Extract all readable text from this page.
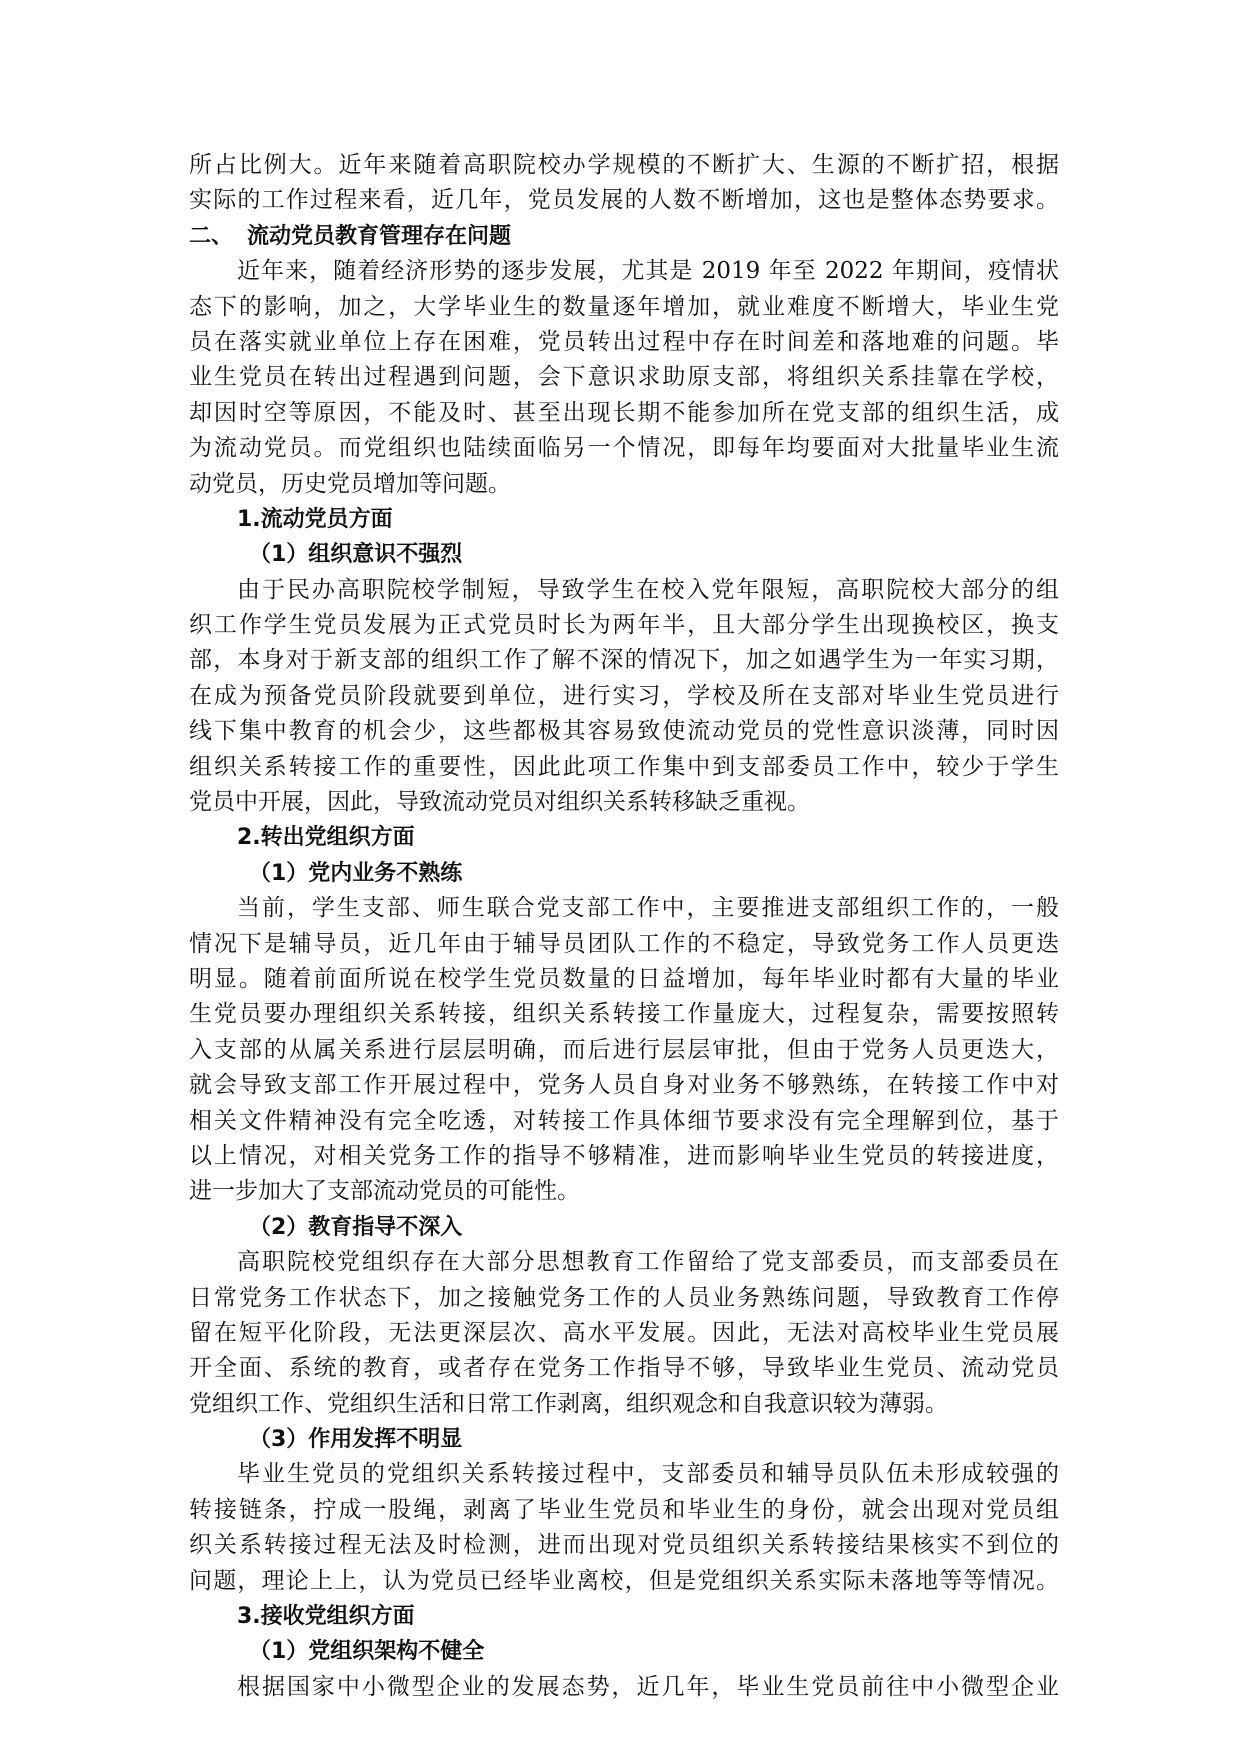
所占比例大。近年来随着高职院校办学规模的不断扩大、生源的不断扩招，根据
实际的工作过程来看，近几年，党员发展的人数不断增加，这也是整体态势要求。
二、 流动党员教育管理存在问题
近年来，随着经济形势的逐步发展，尤其是 2019 年至 2022 年期间，疫情状
态下的影响，加之，大学毕业生的数量逐年增加，就业难度不断增大，毕业生党
员在落实就业单位上存在困难，党员转出过程中存在时间差和落地难的问题。毕
业生党员在转出过程遇到问题，会下意识求助原支部，将组织关系挂靠在学校，
却因时空等原因，不能及时、甚至出现长期不能参加所在党支部的组织生活，成
为流动党员。而党组织也陆续面临另一个情况，即每年均要面对大批量毕业生流
动党员，历史党员增加等问题。
1.流动党员方面
（1）组织意识不强烈
由于民办高职院校学制短，导致学生在校入党年限短，高职院校大部分的组
织工作学生党员发展为正式党员时长为两年半，且大部分学生出现换校区，换支
部，本身对于新支部的组织工作了解不深的情况下，加之如遇学生为一年实习期，
在成为预备党员阶段就要到单位，进行实习，学校及所在支部对毕业生党员进行
线下集中教育的机会少，这些都极其容易致使流动党员的党性意识淡薄，同时因
组织关系转接工作的重要性，因此此项工作集中到支部委员工作中，较少于学生
党员中开展，因此，导致流动党员对组织关系转移缺乏重视。
2.转出党组织方面
（1）党内业务不熟练
当前，学生支部、师生联合党支部工作中，主要推进支部组织工作的，一般
情况下是辅导员，近几年由于辅导员团队工作的不稳定，导致党务工作人员更迭
明显。随着前面所说在校学生党员数量的日益增加，每年毕业时都有大量的毕业
生党员要办理组织关系转接，组织关系转接工作量庞大，过程复杂，需要按照转
入支部的从属关系进行层层明确，而后进行层层审批，但由于党务人员更迭大，
就会导致支部工作开展过程中，党务人员自身对业务不够熟练，在转接工作中对
相关文件精神没有完全吃透，对转接工作具体细节要求没有完全理解到位，基于
以上情况，对相关党务工作的指导不够精准，进而影响毕业生党员的转接进度，
进一步加大了支部流动党员的可能性。
（2）教育指导不深入
高职院校党组织存在大部分思想教育工作留给了党支部委员，而支部委员在
日常党务工作状态下，加之接触党务工作的人员业务熟练问题，导致教育工作停
留在短平化阶段，无法更深层次、高水平发展。因此，无法对高校毕业生党员展
开全面、系统的教育，或者存在党务工作指导不够，导致毕业生党员、流动党员
党组织工作、党组织生活和日常工作剥离，组织观念和自我意识较为薄弱。
（3）作用发挥不明显
毕业生党员的党组织关系转接过程中，支部委员和辅导员队伍未形成较强的
转接链条，拧成一股绳，剥离了毕业生党员和毕业生的身份，就会出现对党员组
织关系转接过程无法及时检测，进而出现对党员组织关系转接结果核实不到位的
问题，理论上上，认为党员已经毕业离校，但是党组织关系实际未落地等等情况。
3.接收党组织方面
（1）党组织架构不健全
根据国家中小微型企业的发展态势，近几年，毕业生党员前往中小微型企业
